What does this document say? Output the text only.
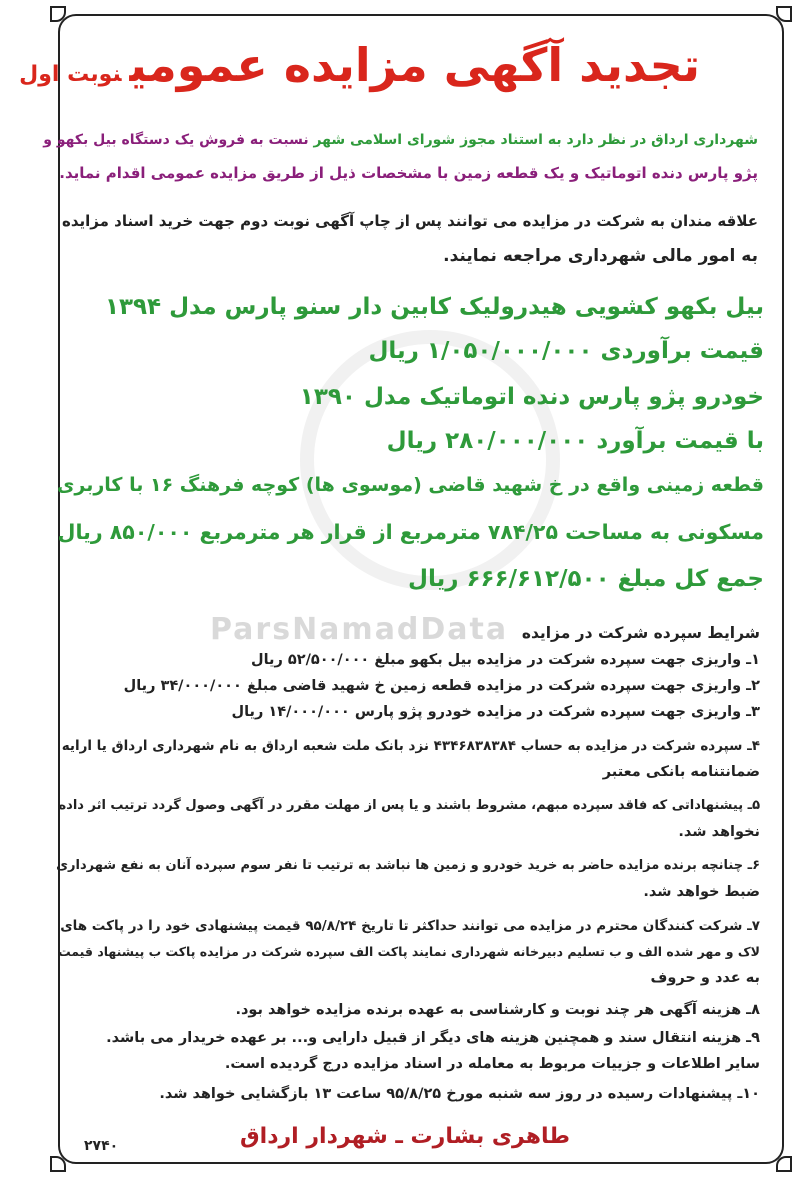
ParsNamadData
تجدید آگهی مزایده عمومینوبت اول
شهرداری ارداق در نظر دارد به استناد مجوز شورای اسلامی شهر نسبت به فروش یک دستگاه بیل بکهو و
پژو پارس دنده اتوماتیک و یک قطعه زمین با مشخصات ذیل از طریق مزایده عمومی اقدام نماید.
علاقه مندان به شرکت در مزایده می توانند پس از چاپ آگهی نوبت دوم جهت خرید اسناد مزایده
به امور مالی شهرداری مراجعه نمایند.
بیل بکهو کشویی هیدرولیک کابین دار سنو پارس مدل ۱۳۹۴
قیمت برآوردی ۱/۰۵۰/۰۰۰/۰۰۰ ریال
خودرو پژو پارس دنده اتوماتیک مدل ۱۳۹۰
با قیمت برآورد ۲۸۰/۰۰۰/۰۰۰ ریال
قطعه زمینی واقع در خ شهید قاضی (موسوی ها) کوچه فرهنگ ۱۶ با کاربری
مسکونی به مساحت ۷۸۴/۲۵ مترمربع از قرار هر مترمربع ۸۵۰/۰۰۰ ریال
جمع کل مبلغ ۶۶۶/۶۱۲/۵۰۰ ریال
شرایط سپرده شرکت در مزایده
۱ـ واریزی جهت سپرده شرکت در مزایده بیل بکهو مبلغ ۵۲/۵۰۰/۰۰۰ ریال
۲ـ واریزی جهت سپرده شرکت در مزایده قطعه زمین خ شهید قاضی مبلغ ۳۴/۰۰۰/۰۰۰ ریال
۳ـ واریزی جهت سپرده شرکت در مزایده خودرو پژو پارس ۱۴/۰۰۰/۰۰۰ ریال
۴ـ سپرده شرکت در مزایده به حساب ۴۳۴۶۸۳۸۳۸۴ نزد بانک ملت شعبه ارداق به نام شهرداری ارداق یا ارایه
ضمانتنامه بانکی معتبر
۵ـ پیشنهاداتی که فاقد سپرده مبهم، مشروط باشند و یا پس از مهلت مقرر در آگهی وصول گردد ترتیب اثر داده
نخواهد شد.
۶ـ چنانچه برنده مزایده حاضر به خرید خودرو و زمین ها نباشد به ترتیب تا نفر سوم سپرده آنان به نفع شهرداری
ضبط خواهد شد.
۷ـ شرکت کنندگان محترم در مزایده می توانند حداکثر تا تاریخ ۹۵/۸/۲۴ قیمت پیشنهادی خود را در پاکت های
لاک و مهر شده الف و ب تسلیم دبیرخانه شهرداری نمایند پاکت الف سپرده شرکت در مزایده پاکت ب پیشنهاد قیمت
به عدد و حروف
۸ـ هزینه آگهی هر چند نوبت و کارشناسی به عهده برنده مزایده خواهد بود.
۹ـ هزینه انتقال سند و همچنین هزینه های دیگر از قبیل دارایی و... بر عهده خریدار می باشد.
سایر اطلاعات و جزییات مربوط به معامله در اسناد مزایده درج گردیده است.
۱۰ـ پیشنهادات رسیده در روز سه شنبه مورخ ۹۵/۸/۲۵ ساعت ۱۳ بازگشایی خواهد شد.
طاهری بشارت ـ شهردار ارداق
۲۷۴۰
